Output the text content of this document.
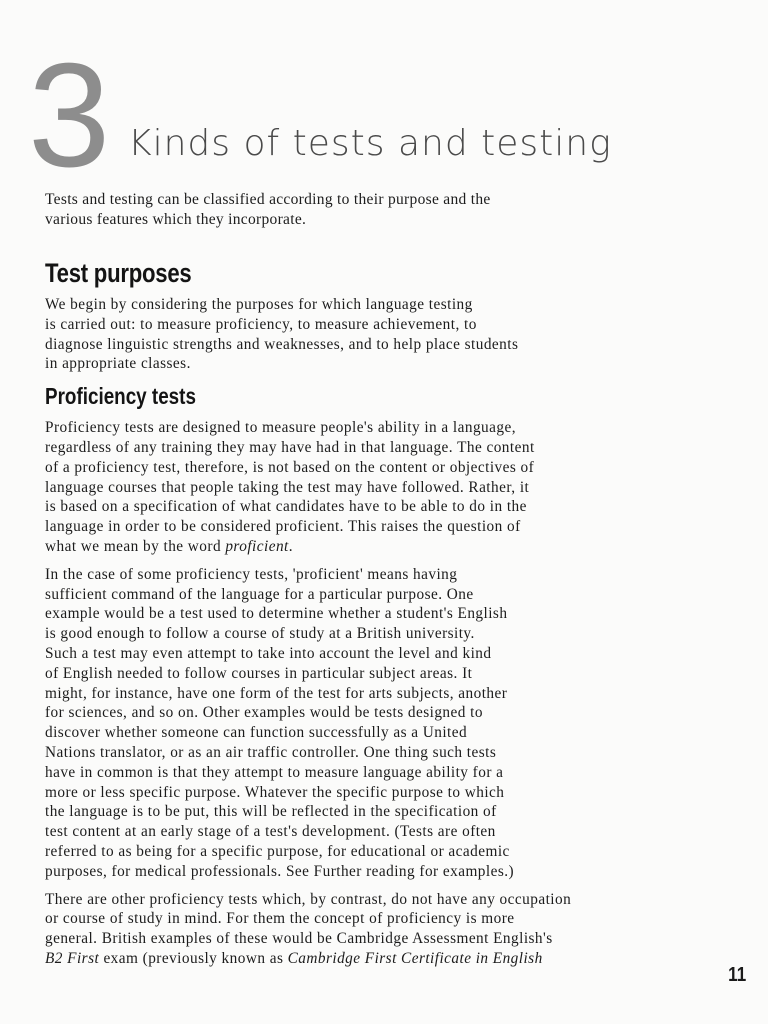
3 Kinds of tests and testing

Tests and testing can be classified according to their purpose and the
various features which they incorporate.

Test purposes

We begin by considering the purposes for which language testing
is carried out: to measure proficiency, to measure achievement, to
diagnose linguistic strengths and weaknesses, and to help place students
in appropriate classes.

Proficiency tests

Proficiency tests are designed to measure people's ability in a language,
regardless of any training they may have had in that language. The content
of a proficiency test, therefore, is not based on the content or objectives of
language courses that people taking the test may have followed. Rather, it
is based on a specification of what candidates have to be able to do in the
language in order to be considered proficient. This raises the question of
what we mean by the word proficient.

In the case of some proficiency tests, 'proficient' means having
sufficient command of the language for a particular purpose. One
example would be a test used to determine whether a student's English
is good enough to follow a course of study at a British university.
Such a test may even attempt to take into account the level and kind
of English needed to follow courses in particular subject areas. It
might, for instance, have one form of the test for arts subjects, another
for sciences, and so on. Other examples would be tests designed to
discover whether someone can function successfully as a United
Nations translator, or as an air traffic controller. One thing such tests
have in common is that they attempt to measure language ability for a
more or less specific purpose. Whatever the specific purpose to which
the language is to be put, this will be reflected in the specification of
test content at an early stage of a test's development. (Tests are often
referred to as being for a specific purpose, for educational or academic
purposes, for medical professionals. See Further reading for examples.)

There are other proficiency tests which, by contrast, do not have any occupation
or course of study in mind. For them the concept of proficiency is more
general. British examples of these would be Cambridge Assessment English's
B2 First exam (previously known as Cambridge First Certificate in English

11
